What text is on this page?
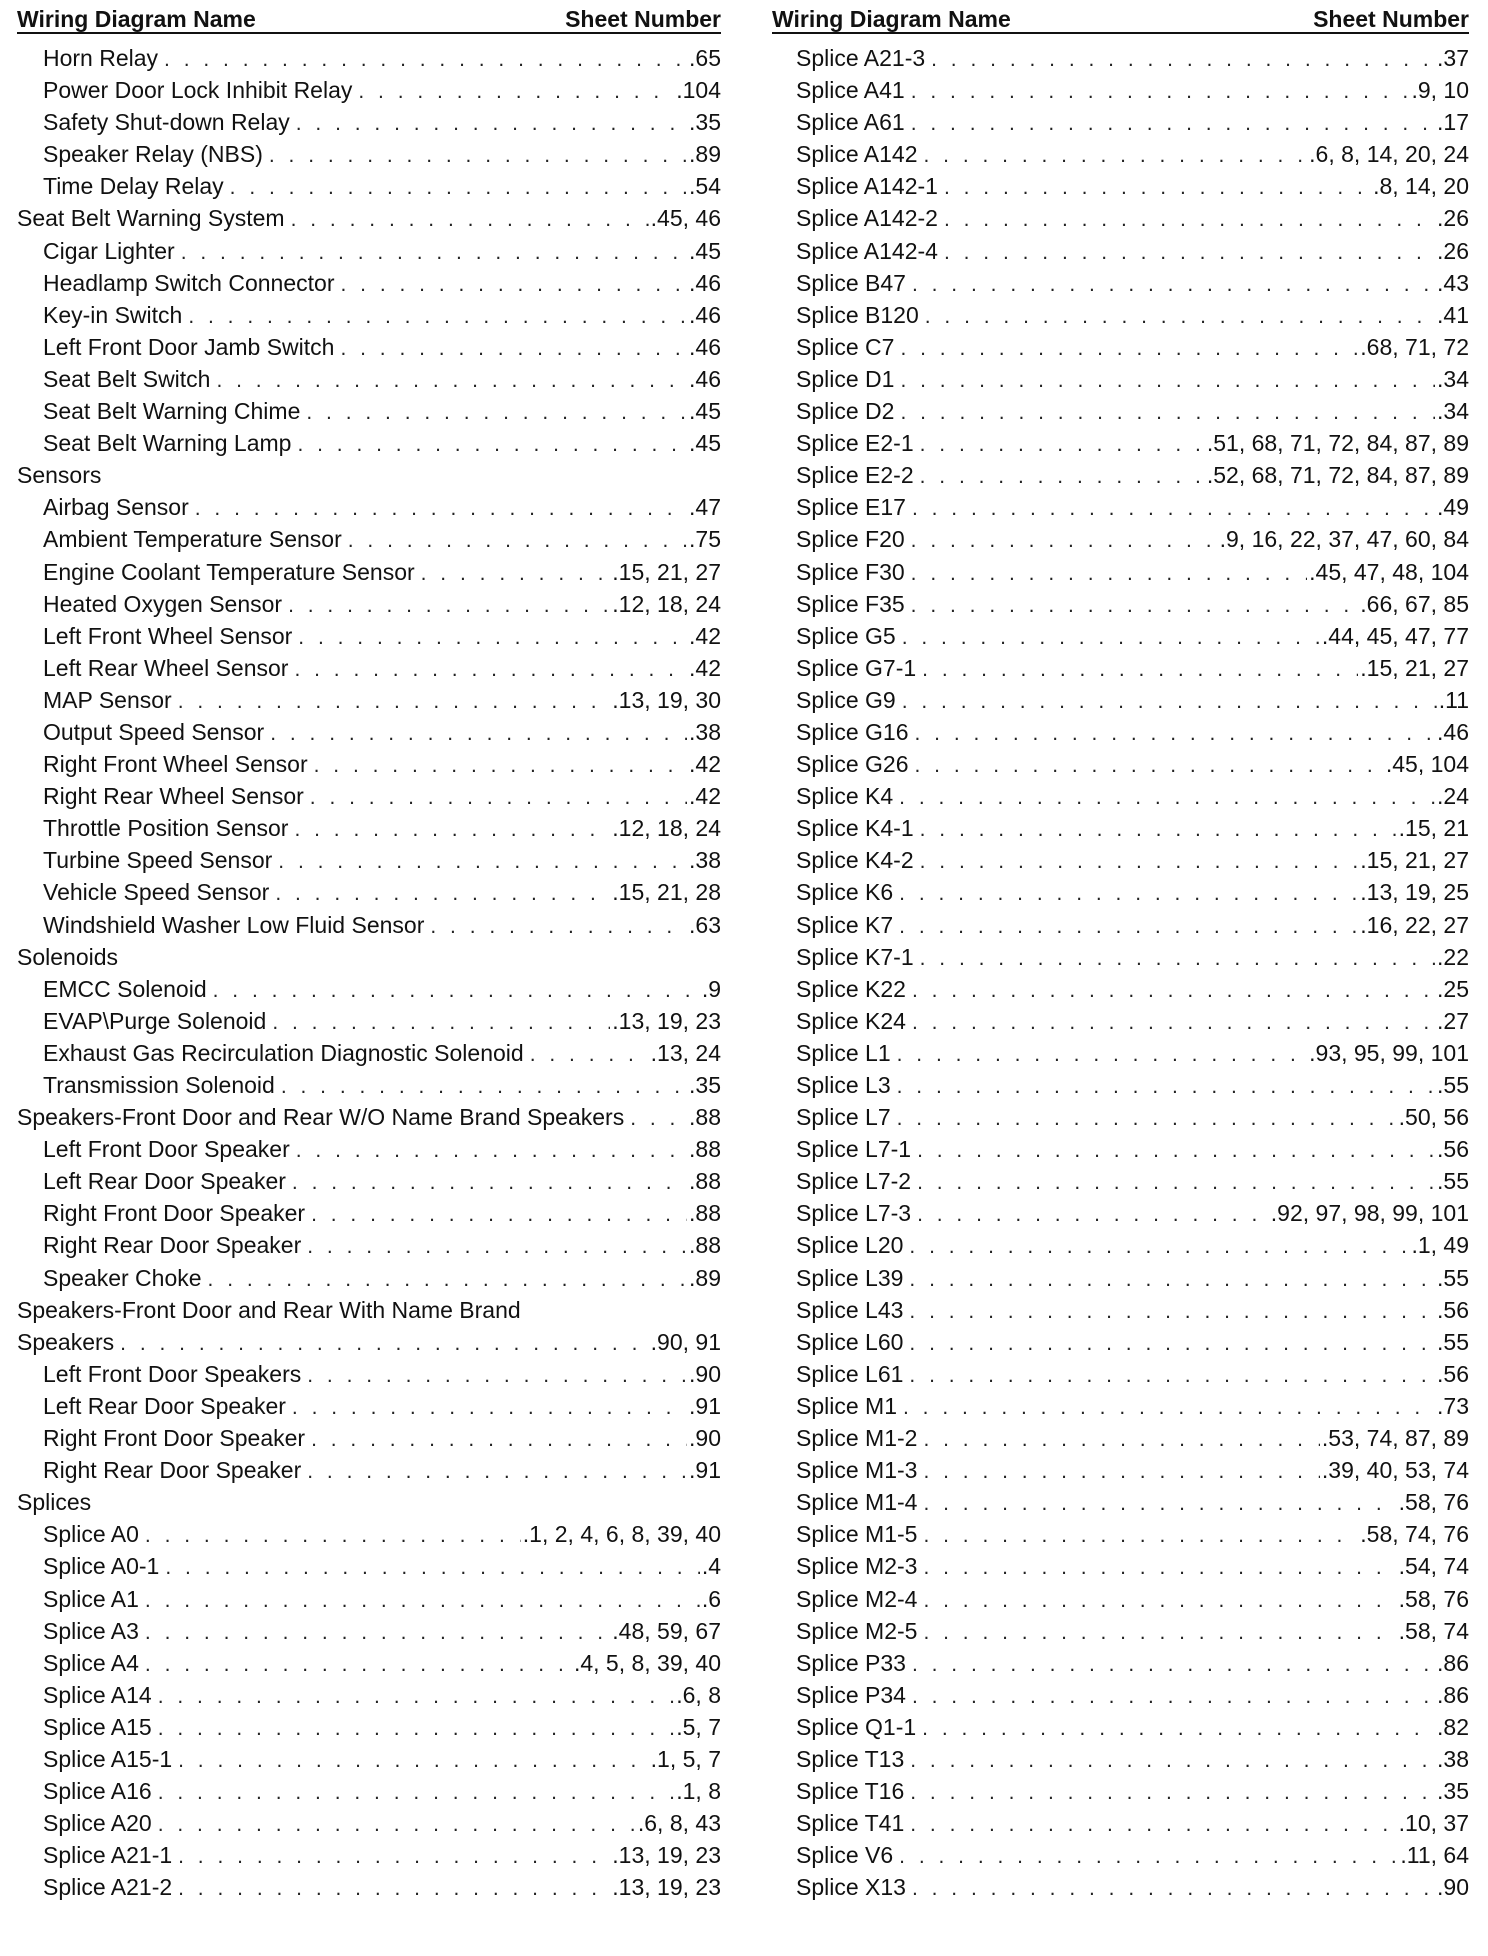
Wiring Diagram Name	Sheet Number
Horn Relay . . .	.65
Power Door Lock Inhibit Relay . . .	.104
Safety Shut-down Relay . . .	.35
Speaker Relay (NBS) . . .	.89
Time Delay Relay . . .	.54
Seat Belt Warning System . . .	.45, 46
Cigar Lighter . . .	.45
Headlamp Switch Connector . . .	.46
Key-in Switch . . .	.46
Left Front Door Jamb Switch . . .	.46
Seat Belt Switch . . .	.46
Seat Belt Warning Chime . . .	.45
Seat Belt Warning Lamp . . .	.45
Sensors
Airbag Sensor . . .	.47
Ambient Temperature Sensor . . .	.75
Engine Coolant Temperature Sensor . . .	.15, 21, 27
Heated Oxygen Sensor . . .	.12, 18, 24
Left Front Wheel Sensor . . .	.42
Left Rear Wheel Sensor . . .	.42
MAP Sensor . . .	.13, 19, 30
Output Speed Sensor . . .	.38
Right Front Wheel Sensor . . .	.42
Right Rear Wheel Sensor . . .	.42
Throttle Position Sensor . . .	.12, 18, 24
Turbine Speed Sensor . . .	.38
Vehicle Speed Sensor . . .	.15, 21, 28
Windshield Washer Low Fluid Sensor . . .	.63
Solenoids
EMCC Solenoid . . .	.9
EVAP\Purge Solenoid . . .	.13, 19, 23
Exhaust Gas Recirculation Diagnostic Solenoid . . .	.13, 24
Transmission Solenoid . . .	.35
Speakers-Front Door and Rear W/O Name Brand Speakers . . .	.88
Left Front Door Speaker . . .	.88
Left Rear Door Speaker . . .	.88
Right Front Door Speaker . . .	.88
Right Rear Door Speaker . . .	.88
Speaker Choke . . .	.89
Speakers-Front Door and Rear With Name Brand
Speakers . . .	.90, 91
Left Front Door Speakers . . .	.90
Left Rear Door Speaker . . .	.91
Right Front Door Speaker . . .	.90
Right Rear Door Speaker . . .	.91
Splices
Splice A0 . . .	.1, 2, 4, 6, 8, 39, 40
Splice A0-1 . . .	.4
Splice A1 . . .	.6
Splice A3 . . .	.48, 59, 67
Splice A4 . . .	.4, 5, 8, 39, 40
Splice A14 . . .	.6, 8
Splice A15 . . .	.5, 7
Splice A15-1 . . .	.1, 5, 7
Splice A16 . . .	.1, 8
Splice A20 . . .	.6, 8, 43
Splice A21-1 . . .	.13, 19, 23
Splice A21-2 . . .	.13, 19, 23
Wiring Diagram Name	Sheet Number
Splice A21-3 . . .	.37
Splice A41 . . .	.9, 10
Splice A61 . . .	.17
Splice A142 . . .	.6, 8, 14, 20, 24
Splice A142-1 . . .	.8, 14, 20
Splice A142-2 . . .	.26
Splice A142-4 . . .	.26
Splice B47 . . .	.43
Splice B120 . . .	.41
Splice C7 . . .	.68, 71, 72
Splice D1 . . .	.34
Splice D2 . . .	.34
Splice E2-1 . . .	.51, 68, 71, 72, 84, 87, 89
Splice E2-2 . . .	.52, 68, 71, 72, 84, 87, 89
Splice E17 . . .	.49
Splice F20 . . .	.9, 16, 22, 37, 47, 60, 84
Splice F30 . . .	.45, 47, 48, 104
Splice F35 . . .	.66, 67, 85
Splice G5 . . .	.44, 45, 47, 77
Splice G7-1 . . .	.15, 21, 27
Splice G9 . . .	.11
Splice G16 . . .	.46
Splice G26 . . .	.45, 104
Splice K4 . . .	.24
Splice K4-1 . . .	.15, 21
Splice K4-2 . . .	.15, 21, 27
Splice K6 . . .	.13, 19, 25
Splice K7 . . .	.16, 22, 27
Splice K7-1 . . .	.22
Splice K22 . . .	.25
Splice K24 . . .	.27
Splice L1 . . .	.93, 95, 99, 101
Splice L3 . . .	.55
Splice L7 . . .	.50, 56
Splice L7-1 . . .	.56
Splice L7-2 . . .	.55
Splice L7-3 . . .	.92, 97, 98, 99, 101
Splice L20 . . .	.1, 49
Splice L39 . . .	.55
Splice L43 . . .	.56
Splice L60 . . .	.55
Splice L61 . . .	.56
Splice M1 . . .	.73
Splice M1-2 . . .	.53, 74, 87, 89
Splice M1-3 . . .	.39, 40, 53, 74
Splice M1-4 . . .	.58, 76
Splice M1-5 . . .	.58, 74, 76
Splice M2-3 . . .	.54, 74
Splice M2-4 . . .	.58, 76
Splice M2-5 . . .	.58, 74
Splice P33 . . .	.86
Splice P34 . . .	.86
Splice Q1-1 . . .	.82
Splice T13 . . .	.38
Splice T16 . . .	.35
Splice T41 . . .	.10, 37
Splice V6 . . .	.11, 64
Splice X13 . . .	.90
